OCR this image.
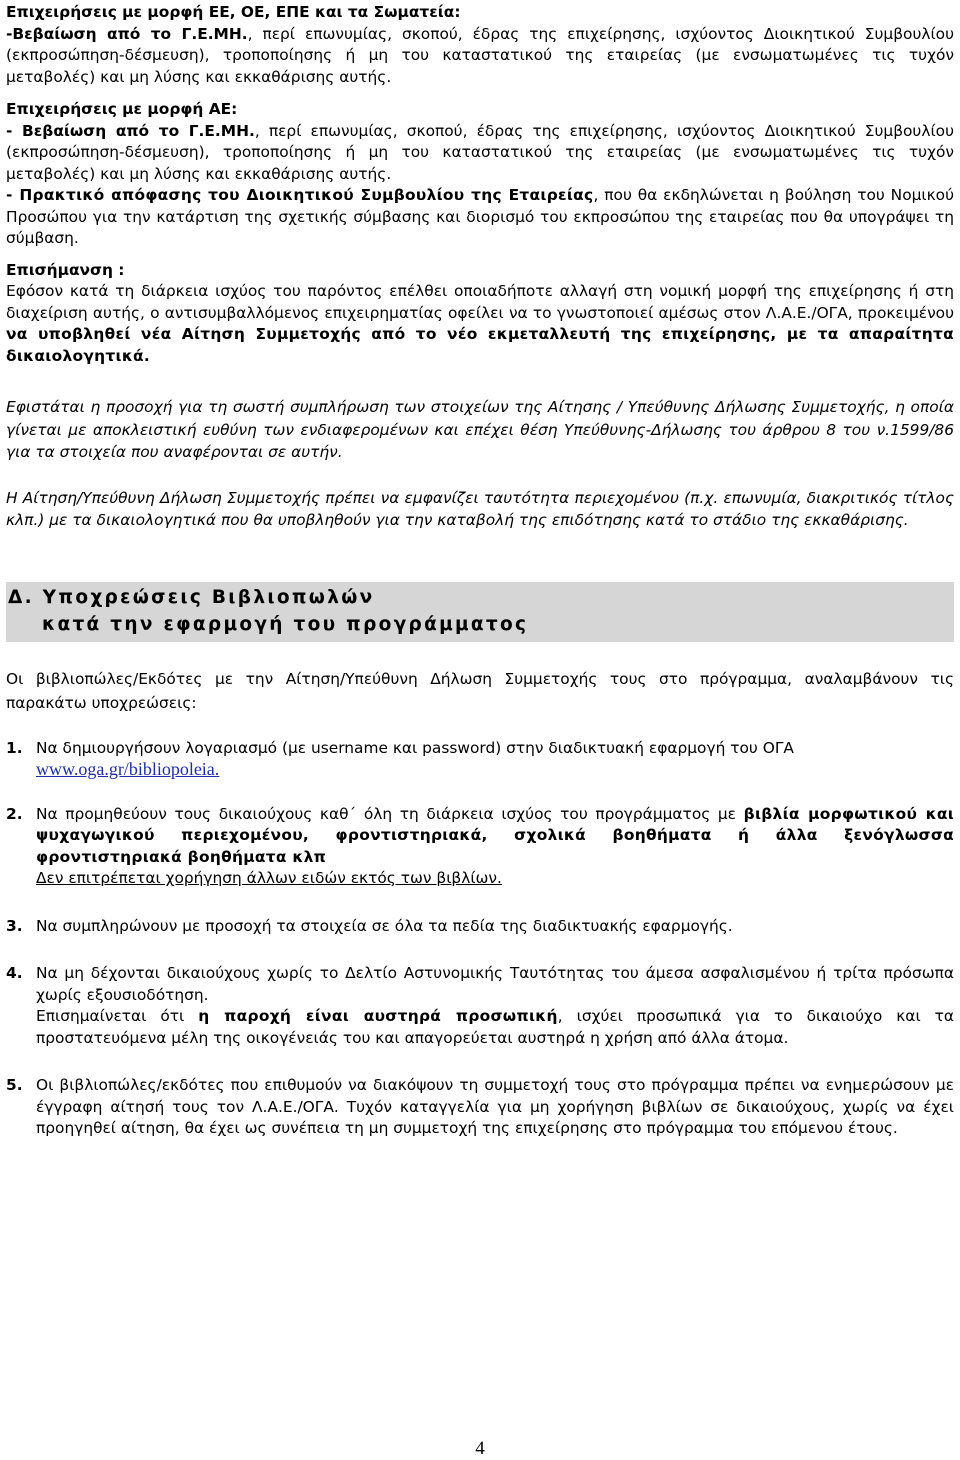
Επιχειρήσεις με μορφή ΕΕ, ΟΕ, ΕΠΕ και τα Σωματεία:

-Βεβαίωση από το Γ.Ε.ΜΗ., περί επωνυμίας, σκοπού, έδρας της επιχείρησης, ισχύοντος Διοικητικού Συμβουλίου (εκπροσώπηση-δέσμευση), τροποποίησης ή μη του καταστατικού της εταιρείας (με ενσωματωμένες τις τυχόν μεταβολές) και μη λύσης και εκκαθάρισης αυτής.

Επιχειρήσεις με μορφή ΑΕ:

- Βεβαίωση από το Γ.Ε.ΜΗ., περί επωνυμίας, σκοπού, έδρας της επιχείρησης, ισχύοντος Διοικητικού Συμβουλίου (εκπροσώπηση-δέσμευση), τροποποίησης ή μη του καταστατικού της εταιρείας (με ενσωματωμένες τις τυχόν μεταβολές) και μη λύσης και εκκαθάρισης αυτής.

- Πρακτικό απόφασης του Διοικητικού Συμβουλίου της Εταιρείας, που θα εκδηλώνεται η βούληση του Νομικού Προσώπου για την κατάρτιση της σχετικής σύμβασης και διορισμό του εκπροσώπου της εταιρείας που θα υπογράψει τη σύμβαση.

Επισήμανση :

Εφόσον κατά τη διάρκεια ισχύος του παρόντος επέλθει οποιαδήποτε αλλαγή στη νομική μορφή της επιχείρησης ή στη διαχείριση αυτής, ο αντισυμβαλλόμενος επιχειρηματίας οφείλει να το γνωστοποιεί αμέσως στον Λ.Α.Ε./ΟΓΑ, προκειμένου να υποβληθεί νέα Αίτηση Συμμετοχής από το νέο εκμεταλλευτή της επιχείρησης, με τα απαραίτητα δικαιολογητικά.

Εφιστάται η προσοχή για τη σωστή συμπλήρωση των στοιχείων της Αίτησης / Υπεύθυνης Δήλωσης Συμμετοχής, η οποία γίνεται με αποκλειστική ευθύνη των ενδιαφερομένων και επέχει θέση Υπεύθυνης-Δήλωσης του άρθρου 8 του ν.1599/86 για τα στοιχεία που αναφέρονται σε αυτήν.

Η Αίτηση/Υπεύθυνη Δήλωση Συμμετοχής πρέπει να εμφανίζει ταυτότητα περιεχομένου (π.χ. επωνυμία, διακριτικός τίτλος κλπ.) με τα δικαιολογητικά που θα υποβληθούν για την καταβολή της επιδότησης κατά το στάδιο της εκκαθάρισης.

Δ. Υποχρεώσεις Βιβλιοπωλών
κατά την εφαρμογή του προγράμματος

Οι βιβλιοπώλες/Εκδότες με την Αίτηση/Υπεύθυνη Δήλωση Συμμετοχής τους στο πρόγραμμα, αναλαμβάνουν τις παρακάτω υποχρεώσεις:

1. Να δημιουργήσουν λογαριασμό (με username και password) στην διαδικτυακή εφαρμογή του ΟΓΑ
www.oga.gr/bibliopoleia.
2. Να προμηθεύουν τους δικαιούχους καθ΄ όλη τη διάρκεια ισχύος του προγράμματος με βιβλία μορφωτικού και ψυχαγωγικού περιεχομένου, φροντιστηριακά, σχολικά βοηθήματα ή άλλα ξενόγλωσσα φροντιστηριακά βοηθήματα κλπ
Δεν επιτρέπεται χορήγηση άλλων ειδών εκτός των βιβλίων.
3. Να συμπληρώνουν με προσοχή τα στοιχεία σε όλα τα πεδία της διαδικτυακής εφαρμογής.
4. Να μη δέχονται δικαιούχους χωρίς το Δελτίο Αστυνομικής Ταυτότητας του άμεσα ασφαλισμένου ή τρίτα πρόσωπα χωρίς εξουσιοδότηση.
Επισημαίνεται ότι η παροχή είναι αυστηρά προσωπική, ισχύει προσωπικά για το δικαιούχο και τα προστατευόμενα μέλη της οικογένειάς του και απαγορεύεται αυστηρά η χρήση από άλλα άτομα.
5. Οι βιβλιοπώλες/εκδότες που επιθυμούν να διακόψουν τη συμμετοχή τους στο πρόγραμμα πρέπει να ενημερώσουν με έγγραφη αίτησή τους τον Λ.Α.Ε./ΟΓΑ. Τυχόν καταγγελία για μη χορήγηση βιβλίων σε δικαιούχους, χωρίς να έχει προηγηθεί αίτηση, θα έχει ως συνέπεια τη μη συμμετοχή της επιχείρησης στο πρόγραμμα του επόμενου έτους.
4
